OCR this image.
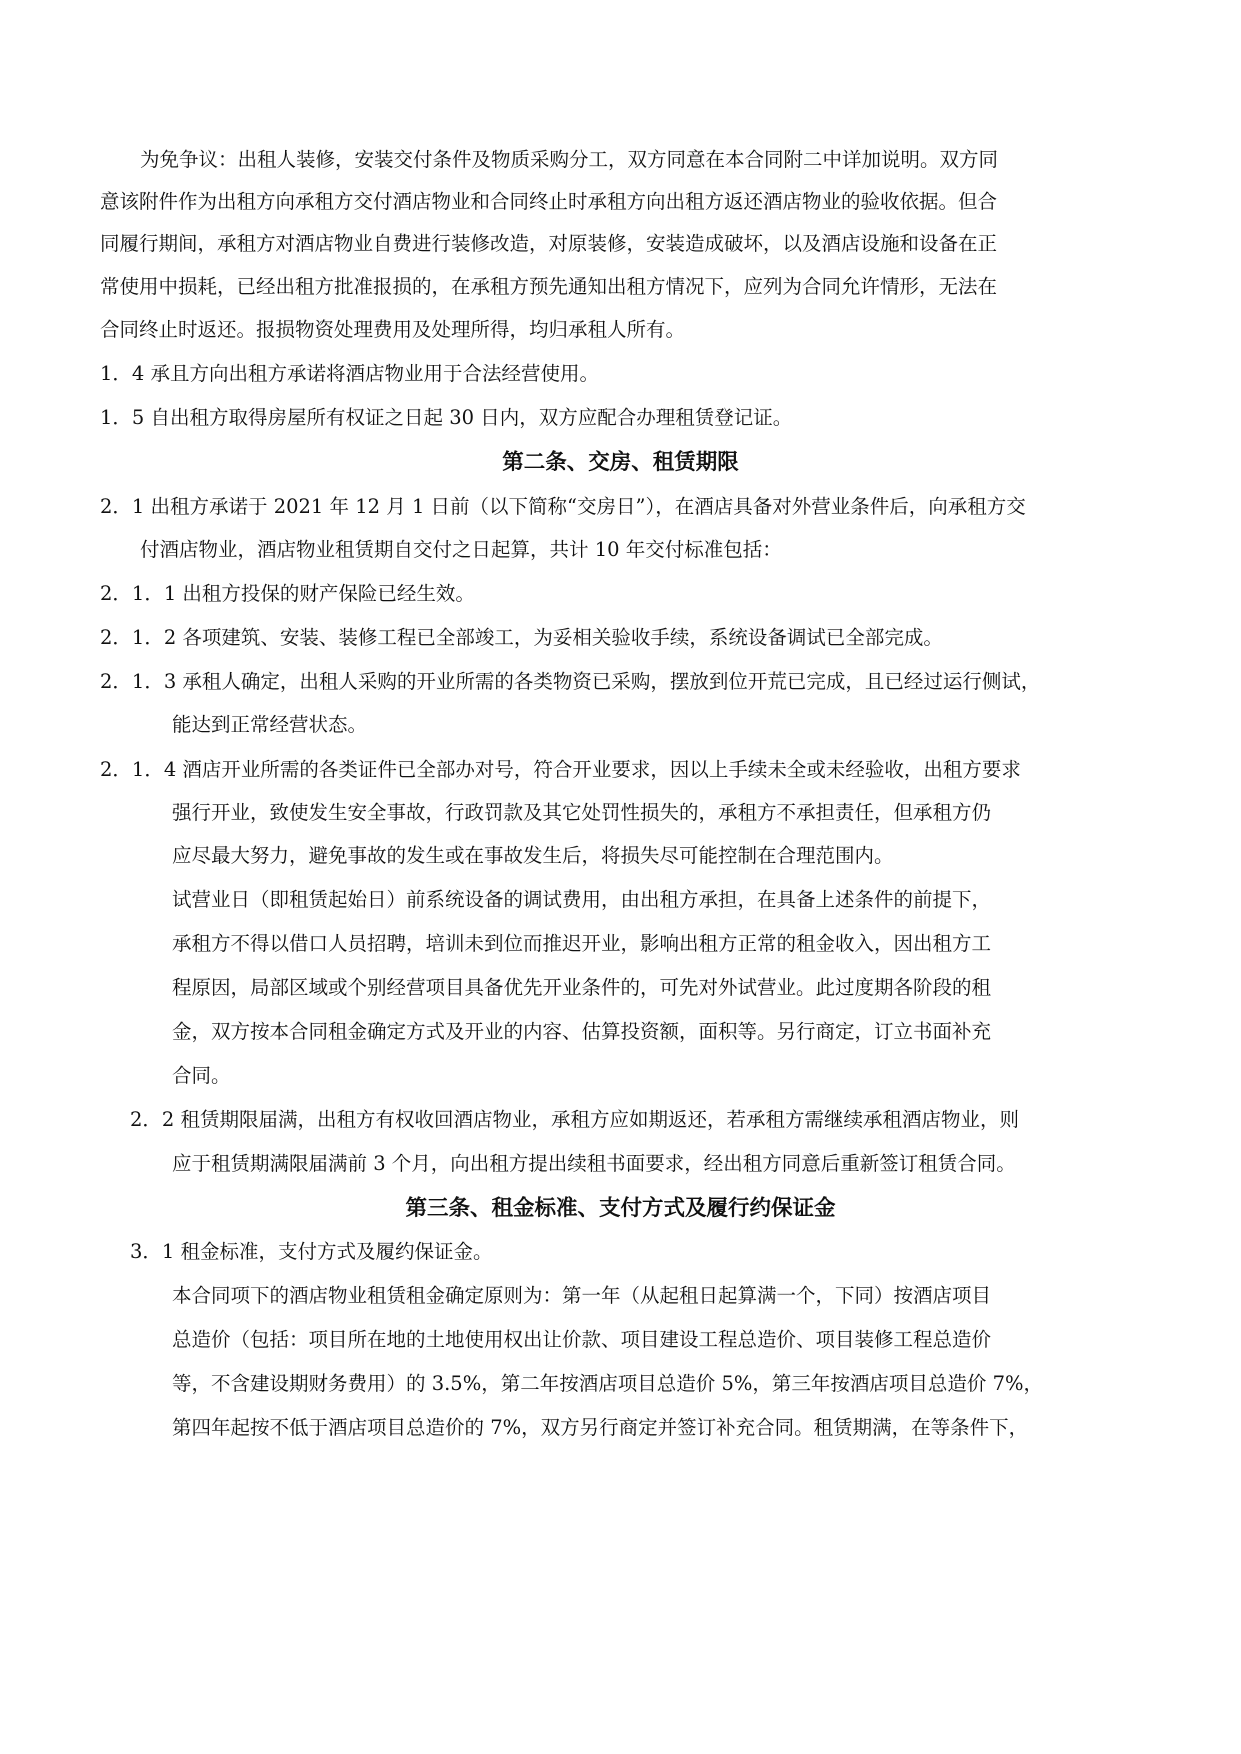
为免争议：出租人装修，安装交付条件及物质采购分工，双方同意在本合同附二中详加说明。双方同
意该附件作为出租方向承租方交付酒店物业和合同终止时承租方向出租方返还酒店物业的验收依据。但合
同履行期间，承租方对酒店物业自费进行装修改造，对原装修，安装造成破坏，以及酒店设施和设备在正
常使用中损耗，已经出租方批准报损的，在承租方预先通知出租方情况下，应列为合同允许情形，无法在
合同终止时返还。报损物资处理费用及处理所得，均归承租人所有。
1．4 承且方向出租方承诺将酒店物业用于合法经营使用。
1．5 自出租方取得房屋所有权证之日起 30 日内，双方应配合办理租赁登记证。
第二条、交房、租赁期限
2．1 出租方承诺于 2021 年 12 月 1 日前（以下简称“交房日”），在酒店具备对外营业条件后，向承租方交
付酒店物业，酒店物业租赁期自交付之日起算，共计 10 年交付标准包括：
2．1．1 出租方投保的财产保险已经生效。
2．1．2 各项建筑、安装、装修工程已全部竣工，为妥相关验收手续，系统设备调试已全部完成。
2．1．3 承租人确定，出租人采购的开业所需的各类物资已采购，摆放到位开荒已完成，且已经过运行侧试，
能达到正常经营状态。
2．1．4 酒店开业所需的各类证件已全部办对号，符合开业要求，因以上手续未全或未经验收，出租方要求
强行开业，致使发生安全事故，行政罚款及其它处罚性损失的，承租方不承担责任，但承租方仍
应尽最大努力，避免事故的发生或在事故发生后，将损失尽可能控制在合理范围内。
试营业日（即租赁起始日）前系统设备的调试费用，由出租方承担，在具备上述条件的前提下，
承租方不得以借口人员招聘，培训未到位而推迟开业，影响出租方正常的租金收入，因出租方工
程原因，局部区域或个别经营项目具备优先开业条件的，可先对外试营业。此过度期各阶段的租
金，双方按本合同租金确定方式及开业的内容、估算投资额，面积等。另行商定，订立书面补充
合同。
2．2 租赁期限届满，出租方有权收回酒店物业，承租方应如期返还，若承租方需继续承租酒店物业，则
应于租赁期满限届满前 3 个月，向出租方提出续租书面要求，经出租方同意后重新签订租赁合同。
第三条、租金标准、支付方式及履行约保证金
3．1 租金标准，支付方式及履约保证金。
本合同项下的酒店物业租赁租金确定原则为：第一年（从起租日起算满一个，下同）按酒店项目
总造价（包括：项目所在地的土地使用权出让价款、项目建设工程总造价、项目装修工程总造价
等，不含建设期财务费用）的 3.5%，第二年按酒店项目总造价 5%，第三年按酒店项目总造价 7%，
第四年起按不低于酒店项目总造价的 7%，双方另行商定并签订补充合同。租赁期满，在等条件下，
